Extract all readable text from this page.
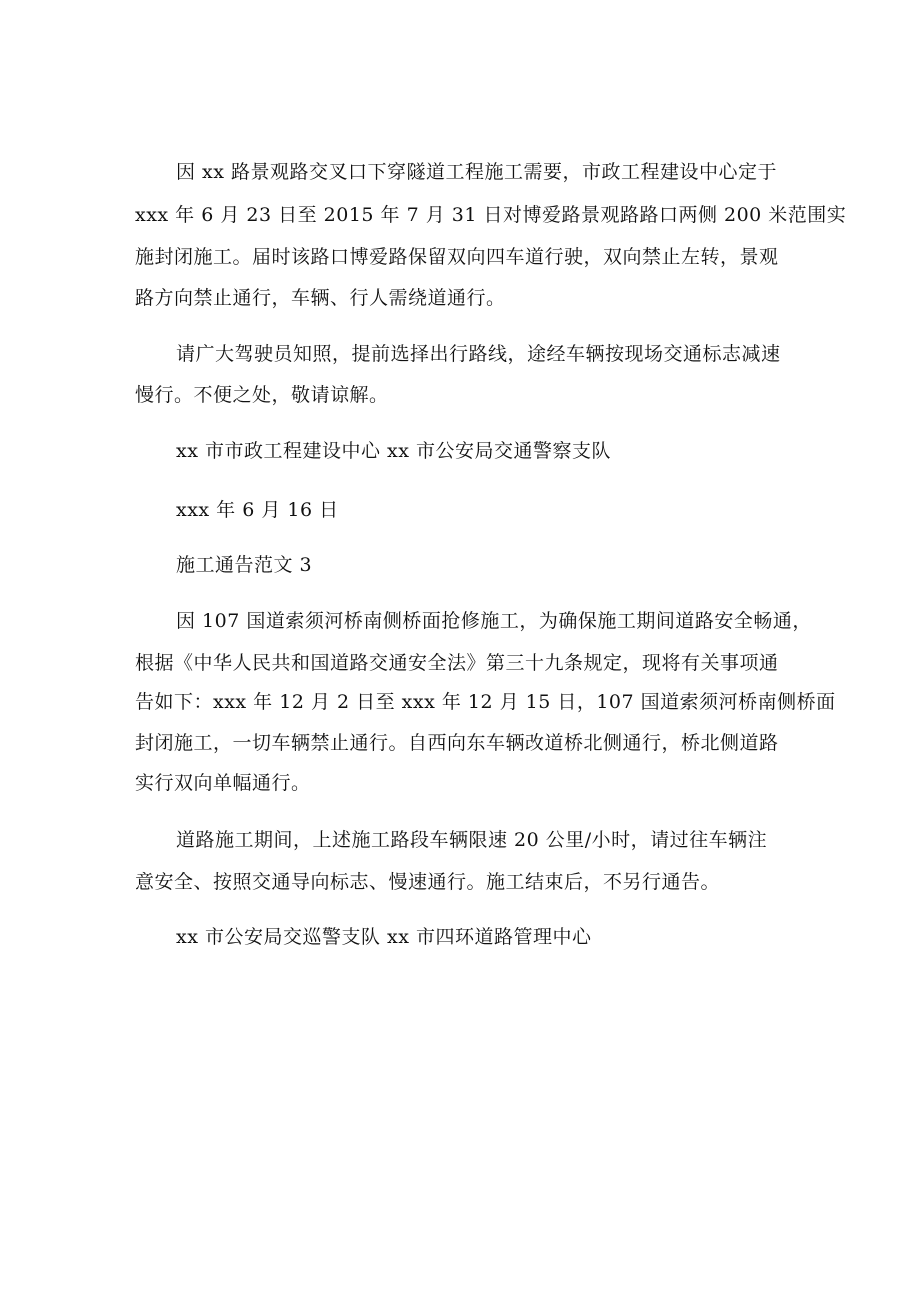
因 xx 路景观路交叉口下穿隧道工程施工需要，市政工程建设中心定于
xxx 年 6 月 23 日至 2015 年 7 月 31 日对博爱路景观路路口两侧 200 米范围实
施封闭施工。届时该路口博爱路保留双向四车道行驶，双向禁止左转，景观
路方向禁止通行，车辆、行人需绕道通行。
请广大驾驶员知照，提前选择出行路线，途经车辆按现场交通标志减速
慢行。不便之处，敬请谅解。
xx 市市政工程建设中心 xx 市公安局交通警察支队
xxx 年 6 月 16 日
施工通告范文 3
因 107 国道索须河桥南侧桥面抢修施工，为确保施工期间道路安全畅通，
根据《中华人民共和国道路交通安全法》第三十九条规定，现将有关事项通
告如下：xxx 年 12 月 2 日至 xxx 年 12 月 15 日，107 国道索须河桥南侧桥面
封闭施工，一切车辆禁止通行。自西向东车辆改道桥北侧通行，桥北侧道路
实行双向单幅通行。
道路施工期间，上述施工路段车辆限速 20 公里/小时，请过往车辆注
意安全、按照交通导向标志、慢速通行。施工结束后，不另行通告。
xx 市公安局交巡警支队 xx 市四环道路管理中心
